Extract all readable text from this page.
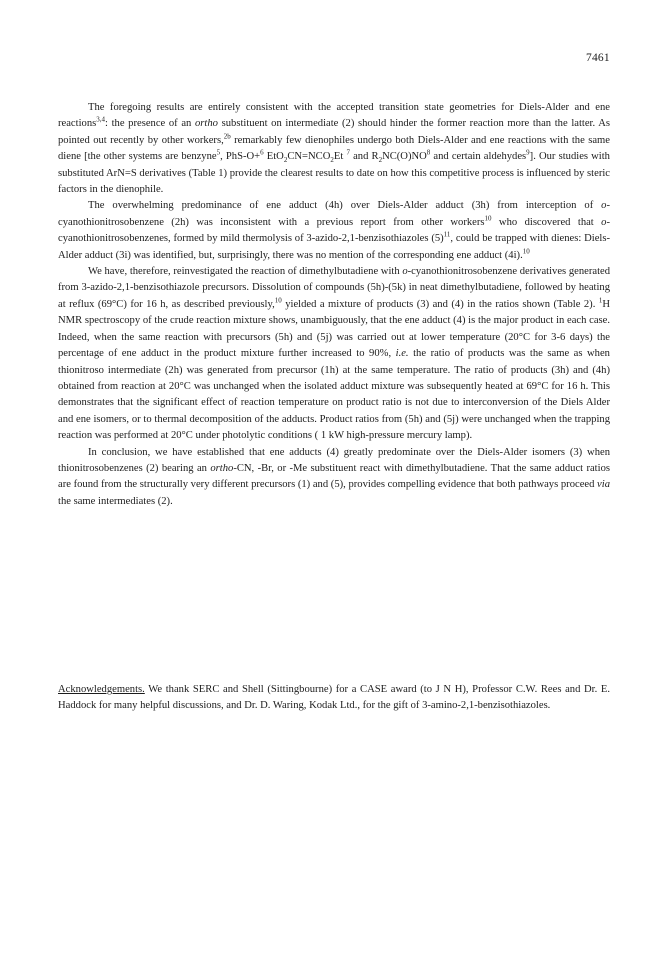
7461

The foregoing results are entirely consistent with the accepted transition state geometries for Diels-Alder and ene reactions$^{3,4}$: the presence of an ortho substituent on intermediate (2) should hinder the former reaction more than the latter. As pointed out recently by other workers,$^{2b}$ remarkably few dienophiles undergo both Diels-Alder and ene reactions with the same diene [the other systems are benzyne$^5$, PhS-O+$^6$ $EtO_2CN=NCO_2Et$ $^7$ and $R_2NC(O)NO^8$ and certain aldehydes$^9$]. Our studies with substituted ArN=S derivatives (Table 1) provide the clearest results to date on how this competitive process is influenced by steric factors in the dienophile.

The overwhelming predominance of ene adduct (4h) over Diels-Alder adduct (3h) from interception of o-cyanothionitrosobenzene (2h) was inconsistent with a previous report from other workers$^{10}$ who discovered that o-cyanothionitrosobenzenes, formed by mild thermolysis of 3-azido-2,1-benzisothiazoles $(5)^{11}$, could be trapped with dienes: Diels-Alder adduct (3i) was identified, but, surprisingly, there was no mention of the corresponding ene adduct (4i).$^{10}$

We have, therefore, reinvestigated the reaction of dimethylbutadiene with o-cyanothionitrosobenzene derivatives generated from 3-azido-2,1-benzisothiazole precursors. Dissolution of compounds (5h)-(5k) in neat dimethylbutadiene, followed by heating at reflux (69°C) for 16 h, as described previously,$^{10}$ yielded a mixture of products (3) and (4) in the ratios shown (Table 2). $^1$H NMR spectroscopy of the crude reaction mixture shows, unambiguously, that the ene adduct (4) is the major product in each case. Indeed, when the same reaction with precursors (5h) and (5j) was carried out at lower temperature (20°C for 3-6 days) the percentage of ene adduct in the product mixture further increased to 90%, i.e. the ratio of products was the same as when thionitroso intermediate (2h) was generated from precursor (1h) at the same temperature. The ratio of products (3h) and (4h) obtained from reaction at 20°C was unchanged when the isolated adduct mixture was subsequently heated at 69°C for 16 h. This demonstrates that the significant effect of reaction temperature on product ratio is not due to interconversion of the Diels Alder and ene isomers, or to thermal decomposition of the adducts. Product ratios from (5h) and (5j) were unchanged when the trapping reaction was performed at 20°C under photolytic conditions ( 1 kW high-pressure mercury lamp).

In conclusion, we have established that ene adducts (4) greatly predominate over the Diels-Alder isomers (3) when thionitrosobenzenes (2) bearing an ortho-CN, -Br, or -Me substituent react with dimethylbutadiene. That the same adduct ratios are found from the structurally very different precursors (1) and (5), provides compelling evidence that both pathways proceed via the same intermediates (2).

Acknowledgements. We thank SERC and Shell (Sittingbourne) for a CASE award (to J N H), Professor C.W. Rees and Dr. E. Haddock for many helpful discussions, and Dr. D. Waring, Kodak Ltd., for the gift of 3-amino-2,1-benzisothiazoles.
